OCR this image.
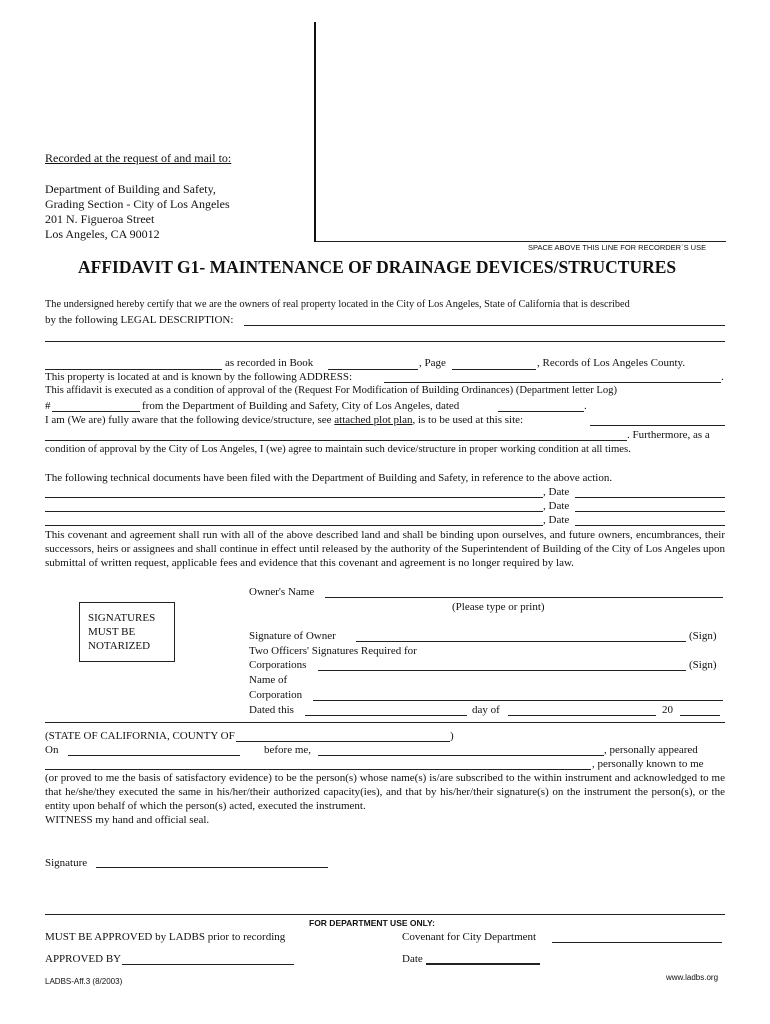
Recorded at the request of and mail to:
Department of Building and Safety,
Grading Section - City of Los Angeles
201 N. Figueroa Street
Los Angeles, CA 90012
SPACE ABOVE THIS LINE FOR RECORDER`S USE
AFFIDAVIT G1- MAINTENANCE OF DRAINAGE DEVICES/STRUCTURES
The undersigned hereby certify that we are the owners of real property located in the City of Los Angeles, State of California that is described
by the following LEGAL DESCRIPTION:
as recorded in Book	, Page	, Records of Los Angeles County.
This property is located at and is known by the following ADDRESS:	.
This affidavit is executed as a condition of approval of the (Request For Modification of Building Ordinances) (Department letter Log)
#	from the Department of Building and Safety, City of Los Angeles, dated	.
I am (We are) fully aware that the following device/structure, see attached plot plan, is to be used at this site:
. Furthermore, as a
condition of approval by the City of Los Angeles, I (we) agree to maintain such device/structure in proper working condition at all times.
The following technical documents have been filed with the Department of Building and Safety, in reference to the above action.
, Date
, Date
, Date
This covenant and agreement shall run with all of the above described land and shall be binding upon ourselves, and future owners, encumbrances, their successors, heirs or assignees and shall continue in effect until released by the authority of the Superintendent of Building of the City of Los Angeles upon submittal of written request, applicable fees and evidence that this covenant and agreement is no longer required by law.
Owner's Name
(Please type or print)
SIGNATURES
MUST BE
NOTARIZED
Signature of Owner	(Sign)
Two Officers' Signatures Required for
Corporations	(Sign)
Name of
Corporation
Dated this	day of	20
(STATE OF CALIFORNIA, COUNTY OF	)
On	before me,	, personally appeared
, personally known to me
(or proved to me the basis of satisfactory evidence) to be the person(s) whose name(s) is/are subscribed to the within instrument and acknowledged to me that he/she/they executed the same in his/her/their authorized capacity(ies), and that by his/her/their signature(s) on the instrument the person(s), or the entity upon behalf of which the person(s) acted, executed the instrument.
WITNESS my hand and official seal.
Signature
FOR DEPARTMENT USE ONLY:
MUST BE APPROVED by LADBS prior to recording	Covenant for City Department
APPROVED BY	Date
LADBS-Aff.3 (8/2003)	www.ladbs.org
